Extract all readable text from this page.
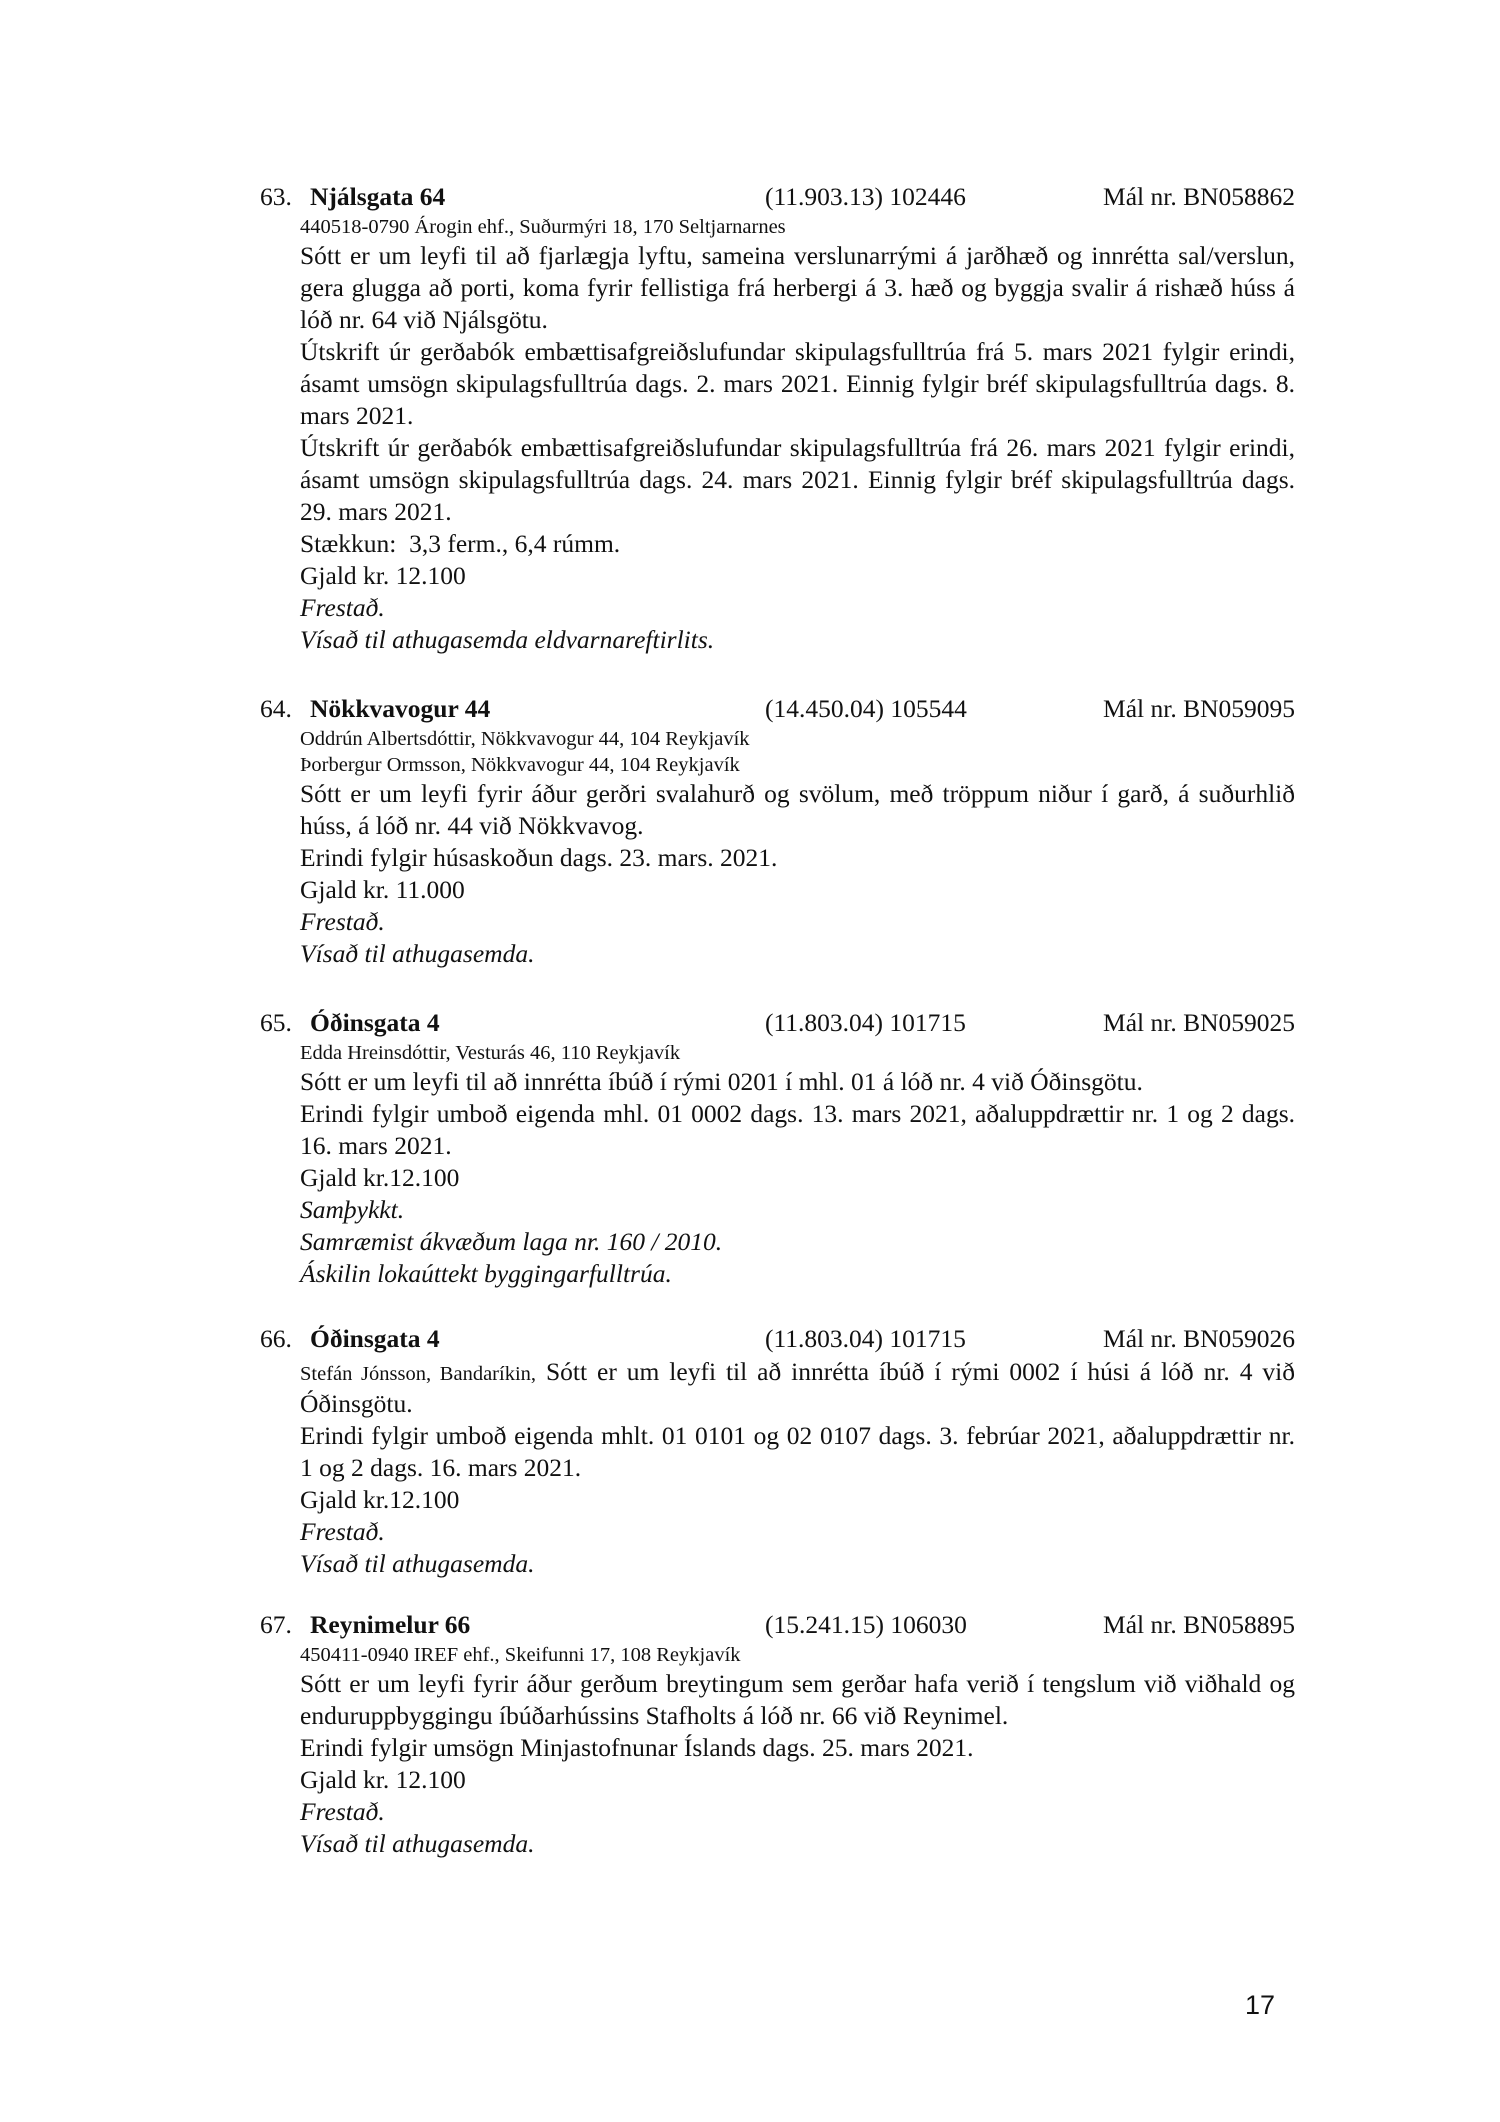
63. Njálsgata 64	(11.903.13) 102446	Mál nr. BN058862
440518-0790 Árogin ehf., Suðurmýri 18, 170 Seltjarnarnes
Sótt er um leyfi til að fjarlægja lyftu, sameina verslunarrými á jarðhæð og innrétta sal/verslun, gera glugga að porti, koma fyrir fellistiga frá herbergi á 3. hæð og byggja svalir á rishæð húss á lóð nr. 64 við Njálsgötu.
Útskrift úr gerðabók embættisafgreiðslufundar skipulagsfulltrúa frá 5. mars 2021 fylgir erindi, ásamt umsögn skipulagsfulltrúa dags. 2. mars 2021. Einnig fylgir bréf skipulagsfulltrúa dags. 8. mars 2021.
Útskrift úr gerðabók embættisafgreiðslufundar skipulagsfulltrúa frá 26. mars 2021 fylgir erindi, ásamt umsögn skipulagsfulltrúa dags. 24. mars 2021. Einnig fylgir bréf skipulagsfulltrúa dags. 29. mars 2021.
Stækkun:  3,3 ferm., 6,4 rúmm.
Gjald kr. 12.100
Frestað.
Vísað til athugasemda eldvarnareftirlits.
64. Nökkvavogur 44	(14.450.04) 105544	Mál nr. BN059095
Oddrún Albertsdóttir, Nökkvavogur 44, 104 Reykjavík
Þorbergur Ormsson, Nökkvavogur 44, 104 Reykjavík
Sótt er um leyfi fyrir áður gerðri svalahurð og svölum, með tröppum niður í garð, á suðurhlið húss, á lóð nr. 44 við Nökkvavog.
Erindi fylgir húsaskoðun dags. 23. mars. 2021.
Gjald kr. 11.000
Frestað.
Vísað til athugasemda.
65. Óðinsgata 4	(11.803.04) 101715	Mál nr. BN059025
Edda Hreinsdóttir, Vesturás 46, 110 Reykjavík
Sótt er um leyfi til að innrétta íbúð í rými 0201 í mhl. 01 á lóð nr. 4 við Óðinsgötu.
Erindi fylgir umboð eigenda mhl. 01 0002 dags. 13. mars 2021, aðaluppdrættir nr. 1 og 2 dags. 16. mars 2021.
Gjald kr.12.100
Samþykkt.
Samræmist ákvæðum laga nr. 160 / 2010.
Áskilin lokaúttekt byggingarfulltrúa.
66. Óðinsgata 4	(11.803.04) 101715	Mál nr. BN059026
Stefán Jónsson, Bandaríkin, Sótt er um leyfi til að innrétta íbúð í rými 0002 í húsi á lóð nr. 4 við Óðinsgötu.
Erindi fylgir umboð eigenda mhlt. 01 0101 og 02 0107 dags. 3. febrúar 2021, aðaluppdrættir nr. 1 og 2 dags. 16. mars 2021.
Gjald kr.12.100
Frestað.
Vísað til athugasemda.
67. Reynimelur 66	(15.241.15) 106030	Mál nr. BN058895
450411-0940 IREF ehf., Skeifunni 17, 108 Reykjavík
Sótt er um leyfi fyrir áður gerðum breytingum sem gerðar hafa verið í tengslum við viðhald og enduruppbyggingu íbúðarhússins Stafholts á lóð nr. 66 við Reynimel.
Erindi fylgir umsögn Minjastofnunar Íslands dags. 25. mars 2021.
Gjald kr. 12.100
Frestað.
Vísað til athugasemda.
17
